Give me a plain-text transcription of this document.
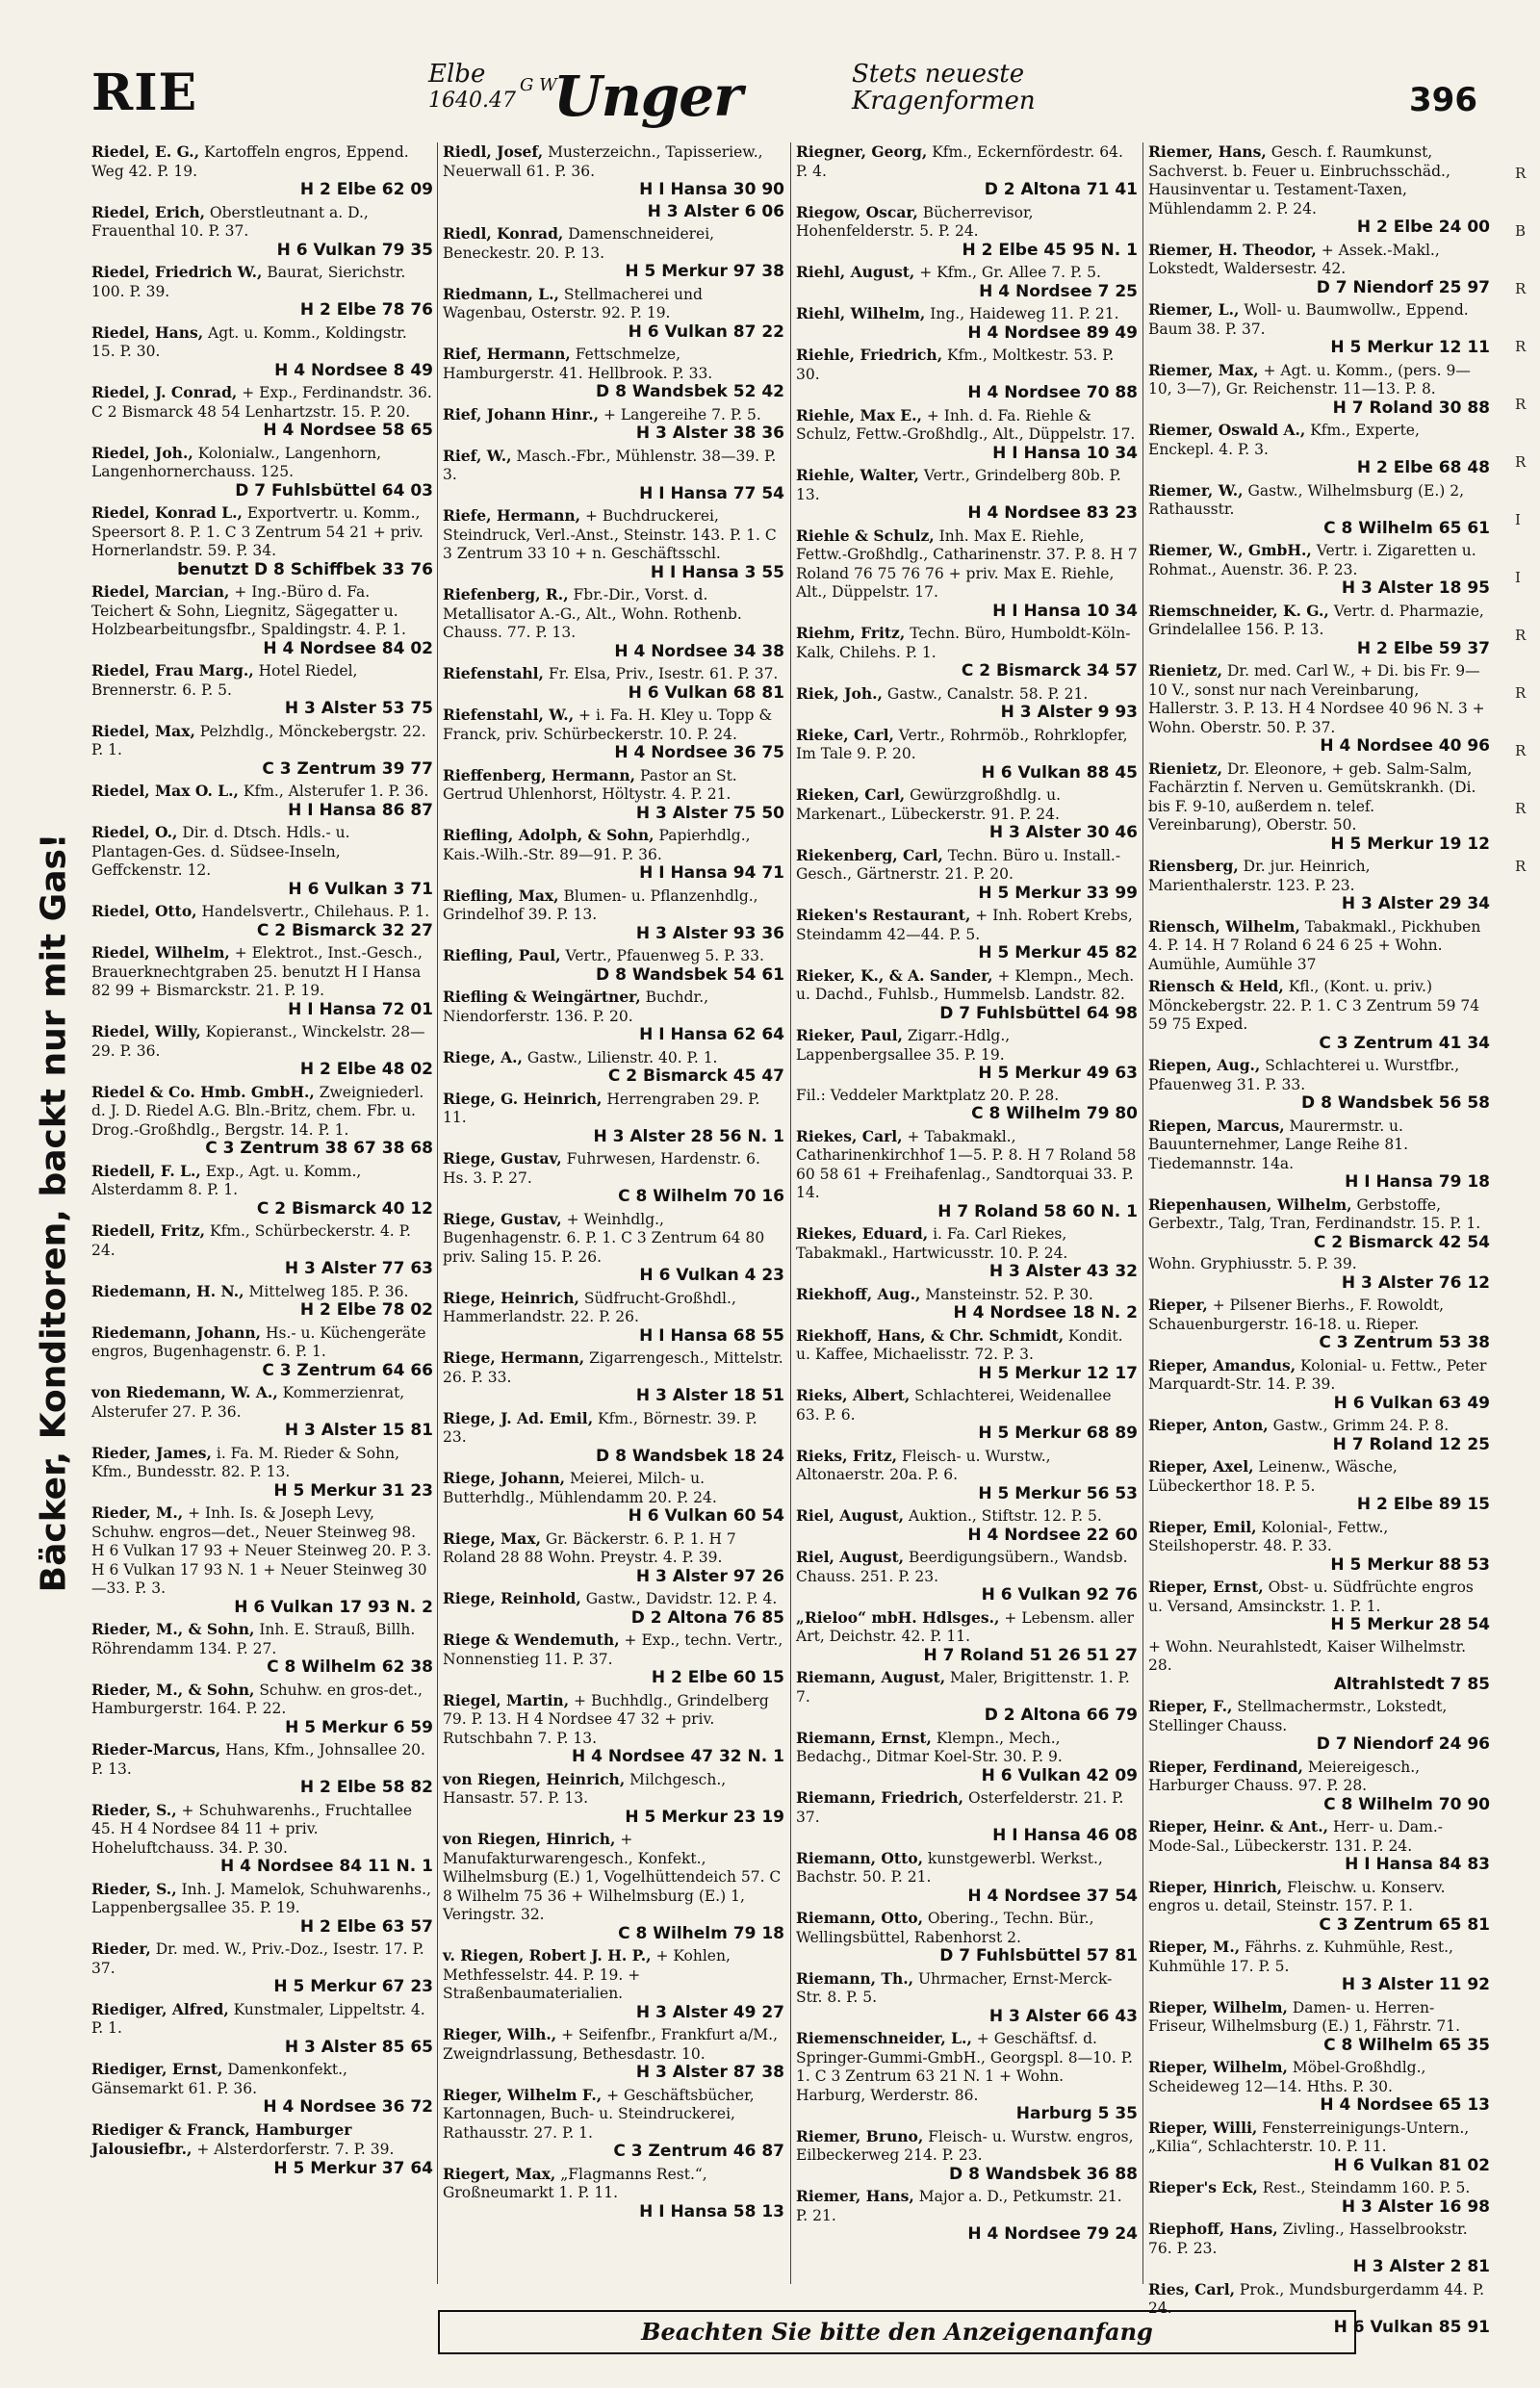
RIE	Elbe
1640.47
G W
Unger	Stets neueste
Kragenformen	396
Bäcker, Konditoren, backt nur mit Gas!
Riedel, E. G., Kartoffeln engros, Eppend. Weg 42. P. 19.
H 2 Elbe 62 09
Riedel, Erich, Oberstleutnant a. D., Frauenthal 10. P. 37.
H 6 Vulkan 79 35
Riedel, Friedrich W., Baurat, Sierichstr. 100. P. 39.
H 2 Elbe 78 76
Riedel, Hans, Agt. u. Komm., Koldingstr. 15. P. 30.
H 4 Nordsee 8 49
Riedel, J. Conrad, + Exp., Ferdinandstr. 36. C 2 Bismarck 48 54 Lenhartzstr. 15. P. 20.
H 4 Nordsee 58 65
Riedel, Joh., Kolonialw., Langenhorn, Langenhornerchauss. 125.
D 7 Fuhlsbüttel 64 03
Riedel, Konrad L., Exportvertr. u. Komm., Speersort 8. P. 1. C 3 Zentrum 54 21 + priv. Hornerlandstr. 59. P. 34.
benutzt D 8 Schiffbek 33 76
Riedel, Marcian, + Ing.-Büro d. Fa. Teichert & Sohn, Liegnitz, Sägegatter u. Holzbearbeitungsfbr., Spaldingstr. 4. P. 1.
H 4 Nordsee 84 02
Riedel, Frau Marg., Hotel Riedel, Brennerstr. 6. P. 5.
H 3 Alster 53 75
Riedel, Max, Pelzhdlg., Mönckebergstr. 22. P. 1.
C 3 Zentrum 39 77
Riedel, Max O. L., Kfm., Alsterufer 1. P. 36.
H I Hansa 86 87
Riedel, O., Dir. d. Dtsch. Hdls.- u. Plantagen-Ges. d. Südsee-Inseln, Geffckenstr. 12.
H 6 Vulkan 3 71
Riedel, Otto, Handelsvertr., Chilehaus. P. 1.
C 2 Bismarck 32 27
Riedel, Wilhelm, + Elektrot., Inst.-Gesch., Brauerknechtgraben 25. benutzt H I Hansa 82 99 + Bismarckstr. 21. P. 19.
H I Hansa 72 01
Riedel, Willy, Kopieranst., Winckelstr. 28—29. P. 36.
H 2 Elbe 48 02
Riedel & Co. Hmb. GmbH., Zweigniederl. d. J. D. Riedel A.G. Bln.-Britz, chem. Fbr. u. Drog.-Großhdlg., Bergstr. 14. P. 1.
C 3 Zentrum 38 67 38 68
Riedell, F. L., Exp., Agt. u. Komm., Alsterdamm 8. P. 1.
C 2 Bismarck 40 12
Riedell, Fritz, Kfm., Schürbeckerstr. 4. P. 24.
H 3 Alster 77 63
Riedemann, H. N., Mittelweg 185. P. 36.
H 2 Elbe 78 02
Riedemann, Johann, Hs.- u. Küchengeräte engros, Bugenhagenstr. 6. P. 1.
C 3 Zentrum 64 66
von Riedemann, W. A., Kommerzienrat, Alsterufer 27. P. 36.
H 3 Alster 15 81
Rieder, James, i. Fa. M. Rieder & Sohn, Kfm., Bundesstr. 82. P. 13.
H 5 Merkur 31 23
Rieder, M., + Inh. Is. & Joseph Levy, Schuhw. engros—det., Neuer Steinweg 98. H 6 Vulkan 17 93 + Neuer Steinweg 20. P. 3. H 6 Vulkan 17 93 N. 1 + Neuer Steinweg 30—33. P. 3.
H 6 Vulkan 17 93 N. 2
Rieder, M., & Sohn, Inh. E. Strauß, Billh. Röhrendamm 134. P. 27.
C 8 Wilhelm 62 38
Rieder, M., & Sohn, Schuhw. en gros-det., Hamburgerstr. 164. P. 22.
H 5 Merkur 6 59
Rieder-Marcus, Hans, Kfm., Johnsallee 20. P. 13.
H 2 Elbe 58 82
Rieder, S., + Schuhwarenhs., Fruchtallee 45. H 4 Nordsee 84 11 + priv. Hoheluftchauss. 34. P. 30.
H 4 Nordsee 84 11 N. 1
Rieder, S., Inh. J. Mamelok, Schuhwarenhs., Lappenbergsallee 35. P. 19.
H 2 Elbe 63 57
Rieder, Dr. med. W., Priv.-Doz., Isestr. 17. P. 37.
H 5 Merkur 67 23
Riediger, Alfred, Kunstmaler, Lippeltstr. 4. P. 1.
H 3 Alster 85 65
Riediger, Ernst, Damenkonfekt., Gänsemarkt 61. P. 36.
H 4 Nordsee 36 72
Riediger & Franck, Hamburger Jalousiefbr., + Alsterdorferstr. 7. P. 39.
H 5 Merkur 37 64
Riedl, Josef, Musterzeichn., Tapisseriew., Neuerwall 61. P. 36.
H I Hansa 30 90
H 3 Alster 6 06
Riedl, Konrad, Damenschneiderei, Beneckestr. 20. P. 13.
H 5 Merkur 97 38
Riedmann, L., Stellmacherei und Wagenbau, Osterstr. 92. P. 19.
H 6 Vulkan 87 22
Rief, Hermann, Fettschmelze, Hamburgerstr. 41. Hellbrook. P. 33.
D 8 Wandsbek 52 42
Rief, Johann Hinr., + Langereihe 7. P. 5.
H 3 Alster 38 36
Rief, W., Masch.-Fbr., Mühlenstr. 38—39. P. 3.
H I Hansa 77 54
Riefe, Hermann, + Buchdruckerei, Steindruck, Verl.-Anst., Steinstr. 143. P. 1. C 3 Zentrum 33 10 + n. Geschäftsschl.
H I Hansa 3 55
Riefenberg, R., Fbr.-Dir., Vorst. d. Metallisator A.-G., Alt., Wohn. Rothenb. Chauss. 77. P. 13.
H 4 Nordsee 34 38
Riefenstahl, Fr. Elsa, Priv., Isestr. 61. P. 37.
H 6 Vulkan 68 81
Riefenstahl, W., + i. Fa. H. Kley u. Topp & Franck, priv. Schürbeckerstr. 10. P. 24.
H 4 Nordsee 36 75
Rieffenberg, Hermann, Pastor an St. Gertrud Uhlenhorst, Höltystr. 4. P. 21.
H 3 Alster 75 50
Riefling, Adolph, & Sohn, Papierhdlg., Kais.-Wilh.-Str. 89—91. P. 36.
H I Hansa 94 71
Riefling, Max, Blumen- u. Pflanzenhdlg., Grindelhof 39. P. 13.
H 3 Alster 93 36
Riefling, Paul, Vertr., Pfauenweg 5. P. 33.
D 8 Wandsbek 54 61
Riefling & Weingärtner, Buchdr., Niendorferstr. 136. P. 20.
H I Hansa 62 64
Riege, A., Gastw., Lilienstr. 40. P. 1.
C 2 Bismarck 45 47
Riege, G. Heinrich, Herrengraben 29. P. 11.
H 3 Alster 28 56 N. 1
Riege, Gustav, Fuhrwesen, Hardenstr. 6. Hs. 3. P. 27.
C 8 Wilhelm 70 16
Riege, Gustav, + Weinhdlg., Bugenhagenstr. 6. P. 1. C 3 Zentrum 64 80 priv. Saling 15. P. 26.
H 6 Vulkan 4 23
Riege, Heinrich, Südfrucht-Großhdl., Hammerlandstr. 22. P. 26.
H I Hansa 68 55
Riege, Hermann, Zigarrengesch., Mittelstr. 26. P. 33.
H 3 Alster 18 51
Riege, J. Ad. Emil, Kfm., Börnestr. 39. P. 23.
D 8 Wandsbek 18 24
Riege, Johann, Meierei, Milch- u. Butterhdlg., Mühlendamm 20. P. 24.
H 6 Vulkan 60 54
Riege, Max, Gr. Bäckerstr. 6. P. 1. H 7 Roland 28 88 Wohn. Preystr. 4. P. 39.
H 3 Alster 97 26
Riege, Reinhold, Gastw., Davidstr. 12. P. 4.
D 2 Altona 76 85
Riege & Wendemuth, + Exp., techn. Vertr., Nonnenstieg 11. P. 37.
H 2 Elbe 60 15
Riegel, Martin, + Buchhdlg., Grindelberg 79. P. 13. H 4 Nordsee 47 32 + priv. Rutschbahn 7. P. 13.
H 4 Nordsee 47 32 N. 1
von Riegen, Heinrich, Milchgesch., Hansastr. 57. P. 13.
H 5 Merkur 23 19
von Riegen, Hinrich, + Manufakturwarengesch., Konfekt., Wilhelmsburg (E.) 1, Vogelhüttendeich 57. C 8 Wilhelm 75 36 + Wilhelmsburg (E.) 1, Veringstr. 32.
C 8 Wilhelm 79 18
v. Riegen, Robert J. H. P., + Kohlen, Methfesselstr. 44. P. 19. + Straßenbaumaterialien.
H 3 Alster 49 27
Rieger, Wilh., + Seifenfbr., Frankfurt a/M., Zweigndrlassung, Bethesdastr. 10.
H 3 Alster 87 38
Rieger, Wilhelm F., + Geschäftsbücher, Kartonnagen, Buch- u. Steindruckerei, Rathausstr. 27. P. 1.
C 3 Zentrum 46 87
Riegert, Max, „Flagmanns Rest.“, Großneumarkt 1. P. 11.
H I Hansa 58 13
Riegner, Georg, Kfm., Eckernfördestr. 64. P. 4.
D 2 Altona 71 41
Riegow, Oscar, Bücherrevisor, Hohenfelderstr. 5. P. 24.
H 2 Elbe 45 95 N. 1
Riehl, August, + Kfm., Gr. Allee 7. P. 5.
H 4 Nordsee 7 25
Riehl, Wilhelm, Ing., Haideweg 11. P. 21.
H 4 Nordsee 89 49
Riehle, Friedrich, Kfm., Moltkestr. 53. P. 30.
H 4 Nordsee 70 88
Riehle, Max E., + Inh. d. Fa. Riehle & Schulz, Fettw.-Großhdlg., Alt., Düppelstr. 17.
H I Hansa 10 34
Riehle, Walter, Vertr., Grindelberg 80b. P. 13.
H 4 Nordsee 83 23
Riehle & Schulz, Inh. Max E. Riehle, Fettw.-Großhdlg., Catharinenstr. 37. P. 8. H 7 Roland 76 75 76 76 + priv. Max E. Riehle, Alt., Düppelstr. 17.
H I Hansa 10 34
Riehm, Fritz, Techn. Büro, Humboldt-Köln-Kalk, Chilehs. P. 1.
C 2 Bismarck 34 57
Riek, Joh., Gastw., Canalstr. 58. P. 21.
H 3 Alster 9 93
Rieke, Carl, Vertr., Rohrmöb., Rohrklopfer, Im Tale 9. P. 20.
H 6 Vulkan 88 45
Rieken, Carl, Gewürzgroßhdlg. u. Markenart., Lübeckerstr. 91. P. 24.
H 3 Alster 30 46
Riekenberg, Carl, Techn. Büro u. Install.-Gesch., Gärtnerstr. 21. P. 20.
H 5 Merkur 33 99
Rieken's Restaurant, + Inh. Robert Krebs, Steindamm 42—44. P. 5.
H 5 Merkur 45 82
Rieker, K., & A. Sander, + Klempn., Mech. u. Dachd., Fuhlsb., Hummelsb. Landstr. 82.
D 7 Fuhlsbüttel 64 98
Rieker, Paul, Zigarr.-Hdlg., Lappenbergsallee 35. P. 19.
H 5 Merkur 49 63
Fil.: Veddeler Marktplatz 20. P. 28.
C 8 Wilhelm 79 80
Riekes, Carl, + Tabakmakl., Catharinenkirchhof 1—5. P. 8. H 7 Roland 58 60 58 61 + Freihafenlag., Sandtorquai 33. P. 14.
H 7 Roland 58 60 N. 1
Riekes, Eduard, i. Fa. Carl Riekes, Tabakmakl., Hartwicusstr. 10. P. 24.
H 3 Alster 43 32
Riekhoff, Aug., Mansteinstr. 52. P. 30.
H 4 Nordsee 18 N. 2
Riekhoff, Hans, & Chr. Schmidt, Kondit. u. Kaffee, Michaelisstr. 72. P. 3.
H 5 Merkur 12 17
Rieks, Albert, Schlachterei, Weidenallee 63. P. 6.
H 5 Merkur 68 89
Rieks, Fritz, Fleisch- u. Wurstw., Altonaerstr. 20a. P. 6.
H 5 Merkur 56 53
Riel, August, Auktion., Stiftstr. 12. P. 5.
H 4 Nordsee 22 60
Riel, August, Beerdigungsübern., Wandsb. Chauss. 251. P. 23.
H 6 Vulkan 92 76
„Rieloo“ mbH. Hdlsges., + Lebensm. aller Art, Deichstr. 42. P. 11.
H 7 Roland 51 26 51 27
Riemann, August, Maler, Brigittenstr. 1. P. 7.
D 2 Altona 66 79
Riemann, Ernst, Klempn., Mech., Bedachg., Ditmar Koel-Str. 30. P. 9.
H 6 Vulkan 42 09
Riemann, Friedrich, Osterfelderstr. 21. P. 37.
H I Hansa 46 08
Riemann, Otto, kunstgewerbl. Werkst., Bachstr. 50. P. 21.
H 4 Nordsee 37 54
Riemann, Otto, Obering., Techn. Bür., Wellingsbüttel, Rabenhorst 2.
D 7 Fuhlsbüttel 57 81
Riemann, Th., Uhrmacher, Ernst-Merck-Str. 8. P. 5.
H 3 Alster 66 43
Riemenschneider, L., + Geschäftsf. d. Springer-Gummi-GmbH., Georgspl. 8—10. P. 1. C 3 Zentrum 63 21 N. 1 + Wohn. Harburg, Werderstr. 86.
Harburg 5 35
Riemer, Bruno, Fleisch- u. Wurstw. engros, Eilbeckerweg 214. P. 23.
D 8 Wandsbek 36 88
Riemer, Hans, Major a. D., Petkumstr. 21. P. 21.
H 4 Nordsee 79 24
Riemer, Hans, Gesch. f. Raumkunst, Sachverst. b. Feuer u. Einbruchsschäd., Hausinventar u. Testament-Taxen, Mühlendamm 2. P. 24.
H 2 Elbe 24 00
Riemer, H. Theodor, + Assek.-Makl., Lokstedt, Waldersestr. 42.
D 7 Niendorf 25 97
Riemer, L., Woll- u. Baumwollw., Eppend. Baum 38. P. 37.
H 5 Merkur 12 11
Riemer, Max, + Agt. u. Komm., (pers. 9—10, 3—7), Gr. Reichenstr. 11—13. P. 8.
H 7 Roland 30 88
Riemer, Oswald A., Kfm., Experte, Enckepl. 4. P. 3.
H 2 Elbe 68 48
Riemer, W., Gastw., Wilhelmsburg (E.) 2, Rathausstr.
C 8 Wilhelm 65 61
Riemer, W., GmbH., Vertr. i. Zigaretten u. Rohmat., Auenstr. 36. P. 23.
H 3 Alster 18 95
Riemschneider, K. G., Vertr. d. Pharmazie, Grindelallee 156. P. 13.
H 2 Elbe 59 37
Rienietz, Dr. med. Carl W., + Di. bis Fr. 9—10 V., sonst nur nach Vereinbarung, Hallerstr. 3. P. 13. H 4 Nordsee 40 96 N. 3 + Wohn. Oberstr. 50. P. 37.
H 4 Nordsee 40 96
Rienietz, Dr. Eleonore, + geb. Salm-Salm, Fachärztin f. Nerven u. Gemütskrankh. (Di. bis F. 9-10, außerdem n. telef. Vereinbarung), Oberstr. 50.
H 5 Merkur 19 12
Riensberg, Dr. jur. Heinrich, Marienthalerstr. 123. P. 23.
H 3 Alster 29 34
Riensch, Wilhelm, Tabakmakl., Pickhuben 4. P. 14. H 7 Roland 6 24 6 25 + Wohn. Aumühle, Aumühle 37
Riensch & Held, Kfl., (Kont. u. priv.) Mönckebergstr. 22. P. 1. C 3 Zentrum 59 74 59 75 Exped.
C 3 Zentrum 41 34
Riepen, Aug., Schlachterei u. Wurstfbr., Pfauenweg 31. P. 33.
D 8 Wandsbek 56 58
Riepen, Marcus, Maurermstr. u. Bauunternehmer, Lange Reihe 81. Tiedemannstr. 14a.
H I Hansa 79 18
Riepenhausen, Wilhelm, Gerbstoffe, Gerbextr., Talg, Tran, Ferdinandstr. 15. P. 1.
C 2 Bismarck 42 54
Wohn. Gryphiusstr. 5. P. 39.
H 3 Alster 76 12
Rieper, + Pilsener Bierhs., F. Rowoldt, Schauenburgerstr. 16-18. u. Rieper.
C 3 Zentrum 53 38
Rieper, Amandus, Kolonial- u. Fettw., Peter Marquardt-Str. 14. P. 39.
H 6 Vulkan 63 49
Rieper, Anton, Gastw., Grimm 24. P. 8.
H 7 Roland 12 25
Rieper, Axel, Leinenw., Wäsche, Lübeckerthor 18. P. 5.
H 2 Elbe 89 15
Rieper, Emil, Kolonial-, Fettw., Steilshoperstr. 48. P. 33.
H 5 Merkur 88 53
Rieper, Ernst, Obst- u. Südfrüchte engros u. Versand, Amsinckstr. 1. P. 1.
H 5 Merkur 28 54
+ Wohn. Neurahlstedt, Kaiser Wilhelmstr. 28.
Altrahlstedt 7 85
Rieper, F., Stellmachermstr., Lokstedt, Stellinger Chauss.
D 7 Niendorf 24 96
Rieper, Ferdinand, Meiereigesch., Harburger Chauss. 97. P. 28.
C 8 Wilhelm 70 90
Rieper, Heinr. & Ant., Herr- u. Dam.-Mode-Sal., Lübeckerstr. 131. P. 24.
H I Hansa 84 83
Rieper, Hinrich, Fleischw. u. Konserv. engros u. detail, Steinstr. 157. P. 1.
C 3 Zentrum 65 81
Rieper, M., Fährhs. z. Kuhmühle, Rest., Kuhmühle 17. P. 5.
H 3 Alster 11 92
Rieper, Wilhelm, Damen- u. Herren-Friseur, Wilhelmsburg (E.) 1, Fährstr. 71.
C 8 Wilhelm 65 35
Rieper, Wilhelm, Möbel-Großhdlg., Scheideweg 12—14. Hths. P. 30.
H 4 Nordsee 65 13
Rieper, Willi, Fensterreinigungs-Untern., „Kilia“, Schlachterstr. 10. P. 11.
H 6 Vulkan 81 02
Rieper's Eck, Rest., Steindamm 160. P. 5.
H 3 Alster 16 98
Riephoff, Hans, Zivling., Hasselbrookstr. 76. P. 23.
H 3 Alster 2 81
Ries, Carl, Prok., Mundsburgerdamm 44. P. 24.
H 6 Vulkan 85 91
R
B
R
R
R
R
I
I
R
R
R
R
R
Beachten Sie bitte den Anzeigenanfang
